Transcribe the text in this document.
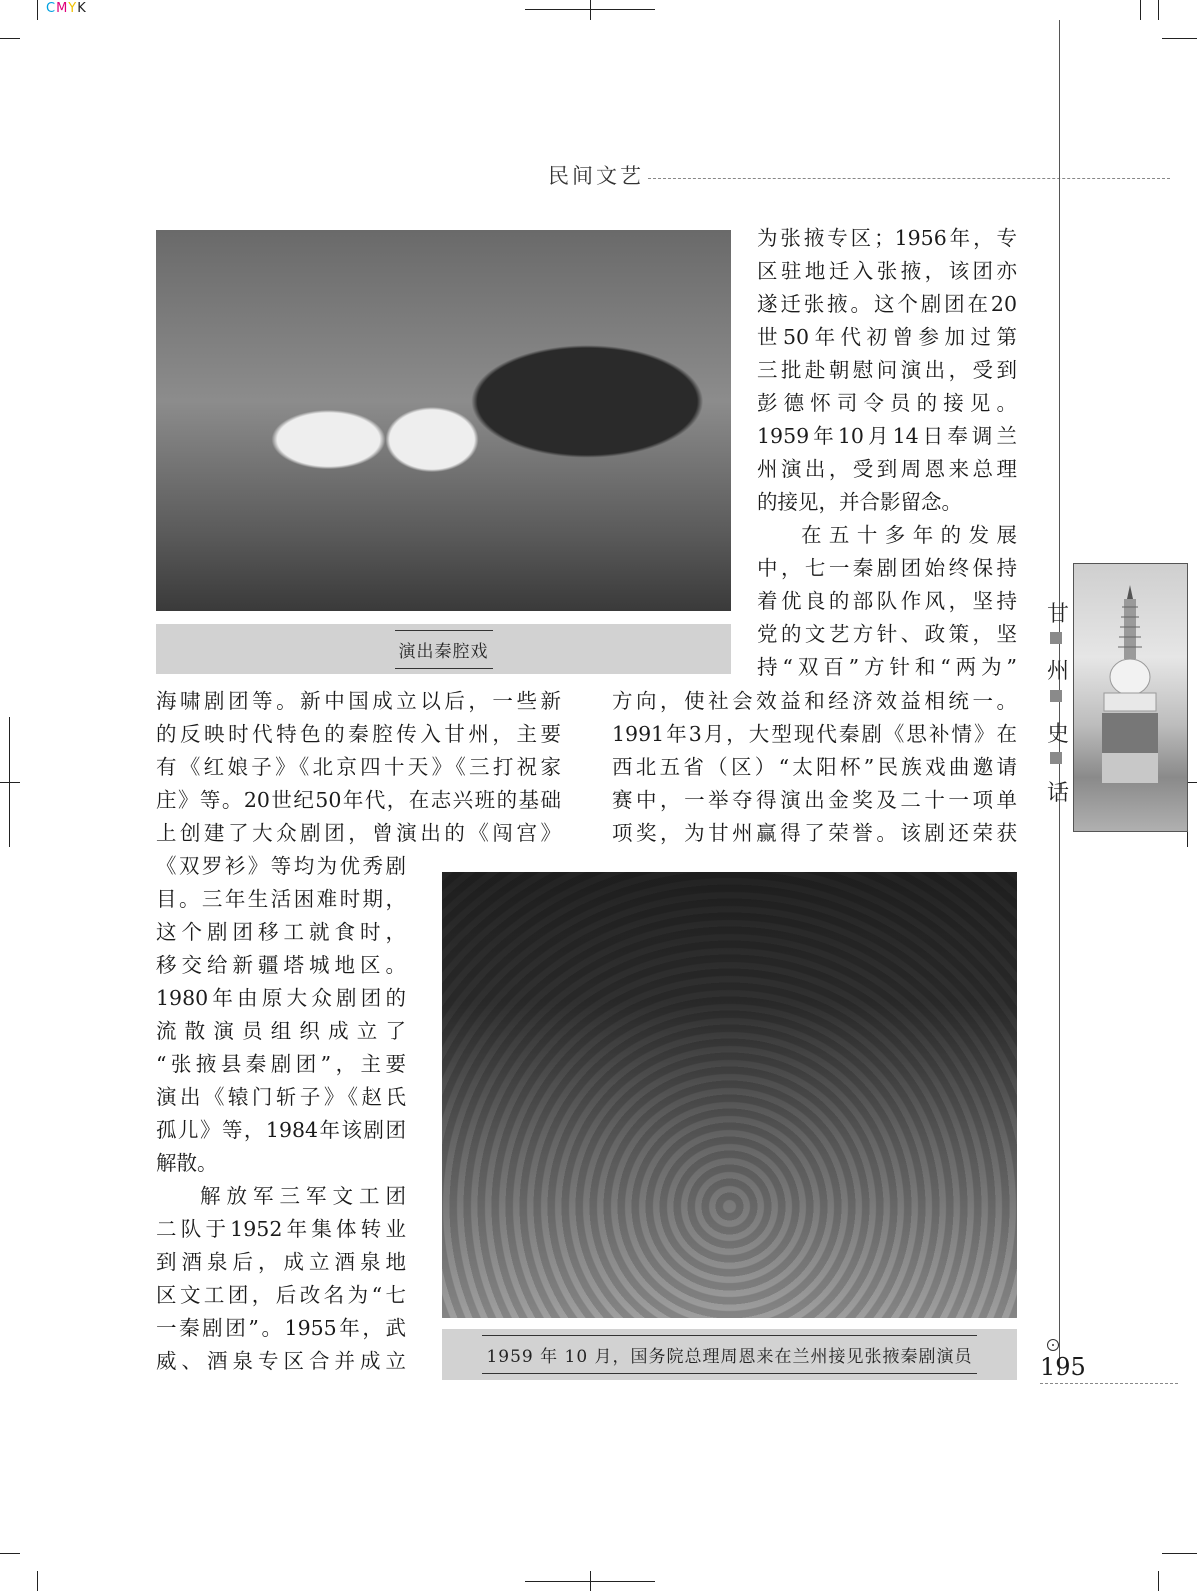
CMYK
民间文艺
演出秦腔戏
1959 年 10 月，国务院总理周恩来在兰州接见张掖秦剧演员
为张掖专区；1956年，专
区驻地迁入张掖，该团亦
遂迁张掖。这个剧团在20
世50年代初曾参加过第
三批赴朝慰问演出，受到
彭德怀司令员的接见。
1959年10月14日奉调兰
州演出，受到周恩来总理
的接见，并合影留念。
在五十多年的发展
中，七一秦剧团始终保持
着优良的部队作风，坚持
党的文艺方针、政策，坚
持“双百”方针和“两为”
海啸剧团等。新中国成立以后，一些新
的反映时代特色的秦腔传入甘州，主要
有《红娘子》《北京四十天》《三打祝家
庄》等。20世纪50年代，在志兴班的基础
上创建了大众剧团，曾演出的《闯宫》
方向，使社会效益和经济效益相统一。
1991年3月，大型现代秦剧《思补情》在
西北五省（区）“太阳杯”民族戏曲邀请
赛中，一举夺得演出金奖及二十一项单
项奖，为甘州赢得了荣誉。该剧还荣获
《双罗衫》等均为优秀剧
目。三年生活困难时期，
这个剧团移工就食时，
移交给新疆塔城地区。
1980年由原大众剧团的
流散演员组织成立了
“张掖县秦剧团”，主要
演出《辕门斩子》《赵氏
孤儿》等，1984年该剧团
解散。
解放军三军文工团
二队于1952年集体转业
到酒泉后，成立酒泉地
区文工团，后改名为“七
一秦剧团”。1955年，武
威、酒泉专区合并成立
甘
州
史
话
195
